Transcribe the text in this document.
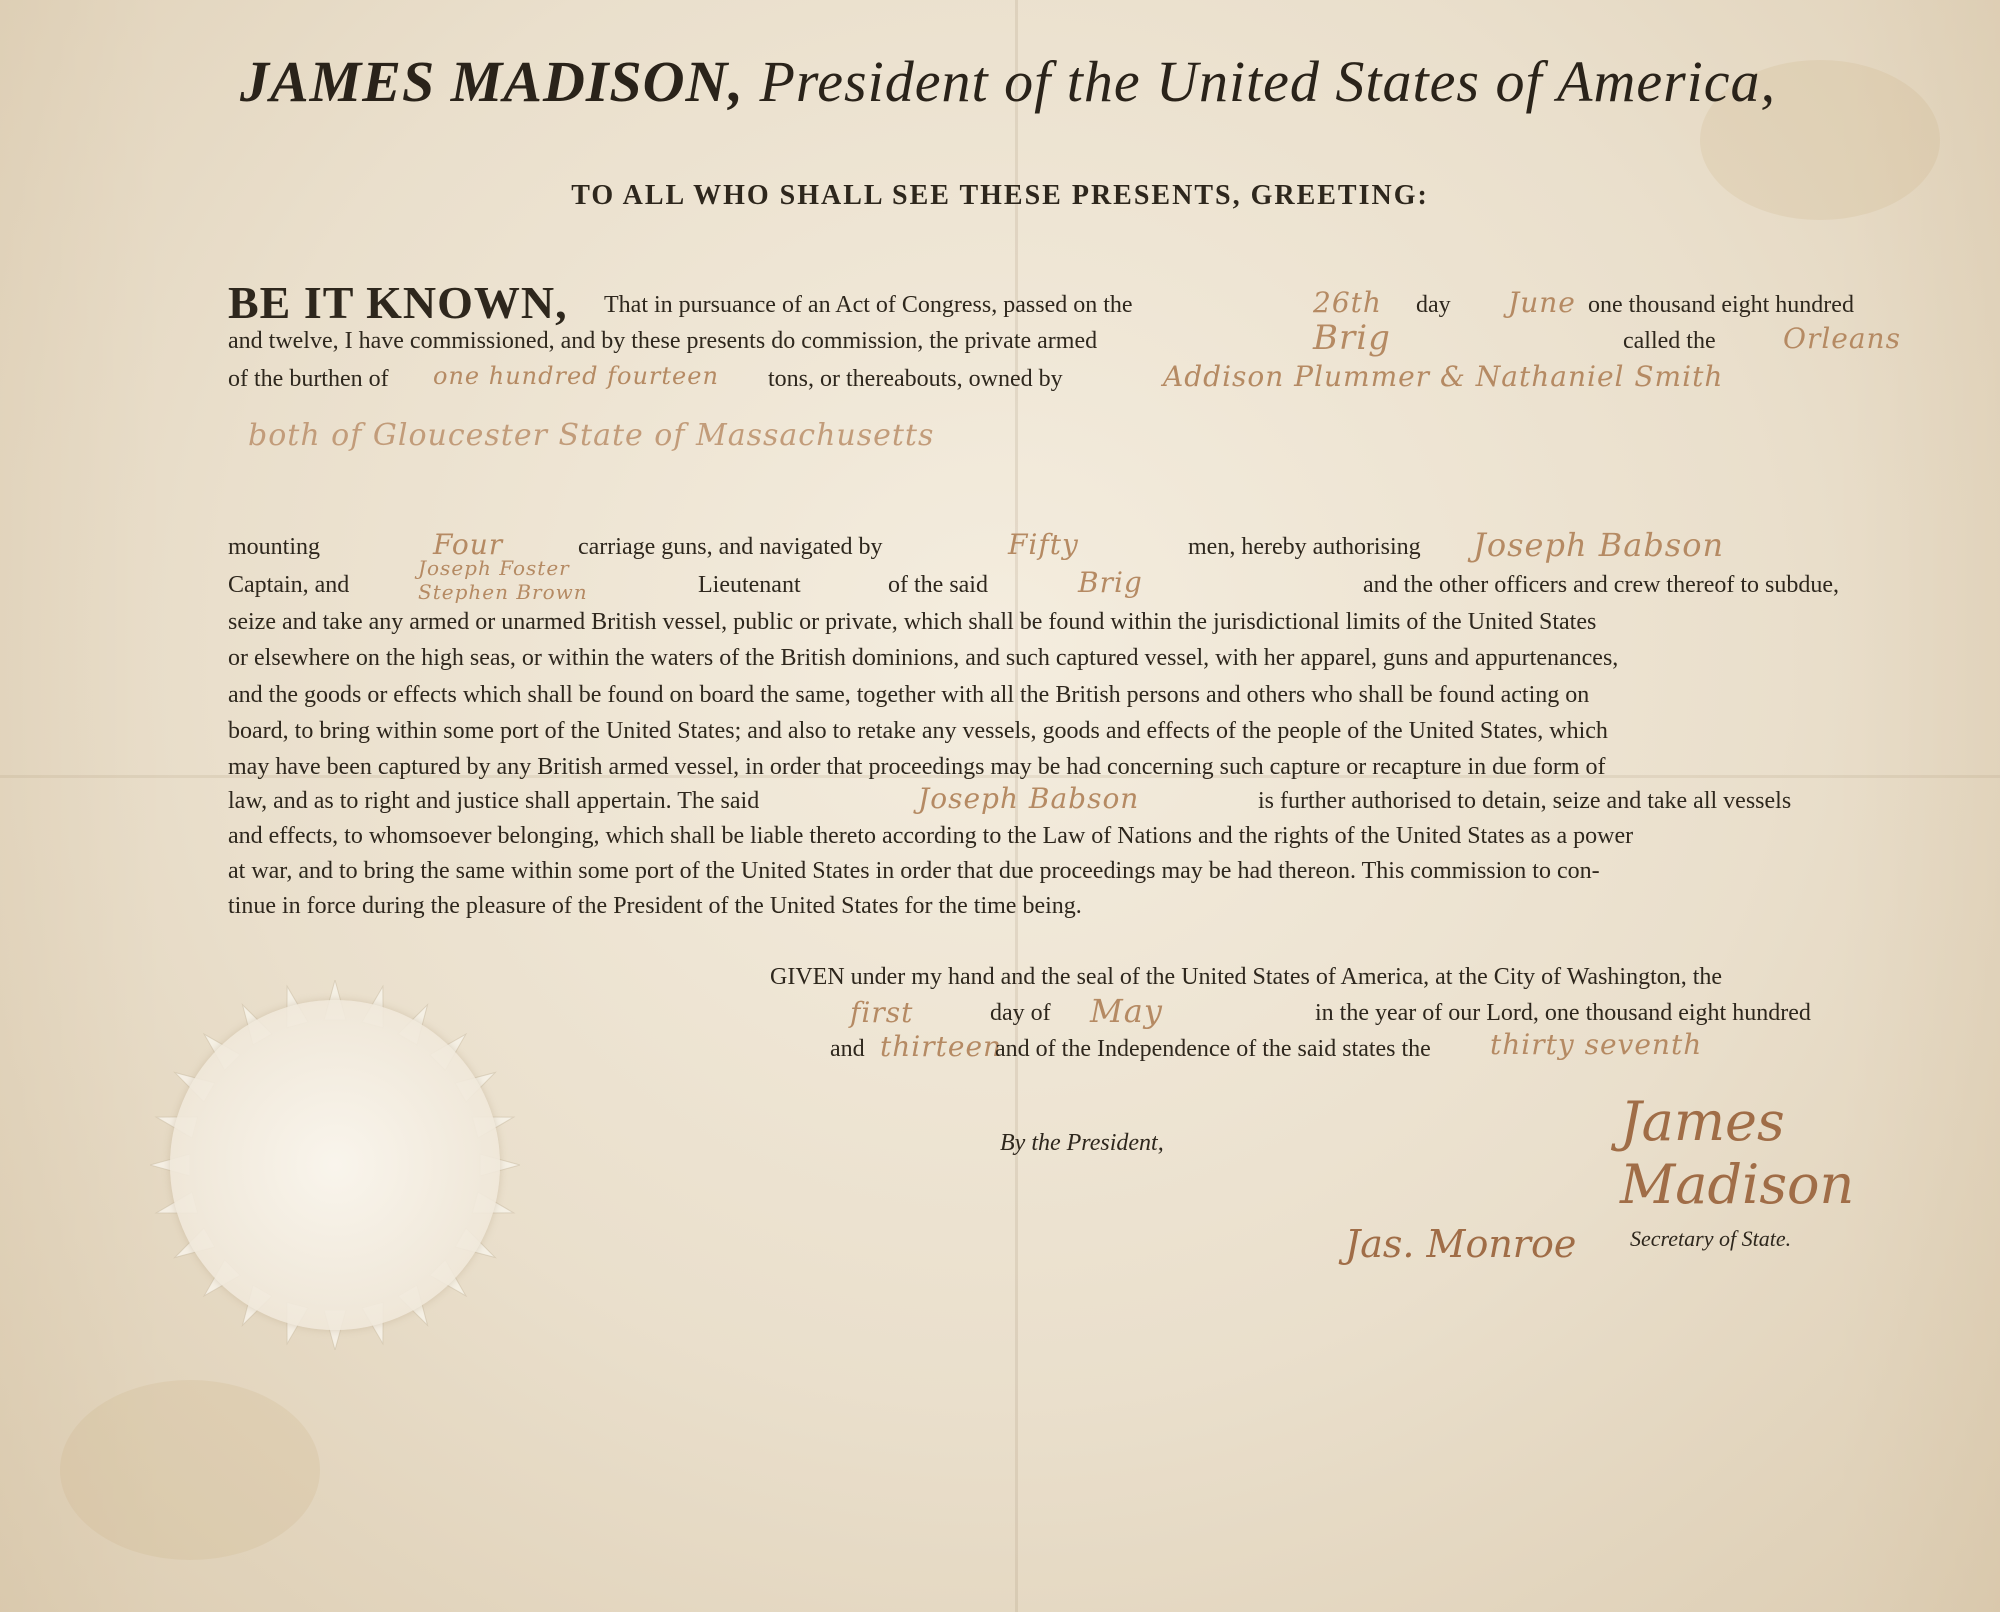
JAMES MADISON, President of the United States of America,
TO ALL WHO SHALL SEE THESE PRESENTS, GREETING:
BE IT KNOWN, That in pursuance of an Act of Congress, passed on the	26th day June one thousand eight hundred
and twelve, I have commissioned, and by these presents do commission, the private armed	Brig	called the Orleans
of the burthen of one hundred fourteen tons, or thereabouts, owned by	Addison Plummer & Nathaniel Smith
both of Gloucester State of Massachusetts
mounting	Four	carriage guns, and navigated by	Fifty	men, hereby authorising Joseph Babson
Captain, and
Joseph Foster
Stephen Brown	Lieutenant	of the said	Brig	and the other officers and crew thereof to subdue,
seize and take any armed or unarmed British vessel, public or private, which shall be found within the jurisdictional limits of the United States
or elsewhere on the high seas, or within the waters of the British dominions, and such captured vessel, with her apparel, guns and appurtenances,
and the goods or effects which shall be found on board the same, together with all the British persons and others who shall be found acting on
board, to bring within some port of the United States; and also to retake any vessels, goods and effects of the people of the United States, which
may have been captured by any British armed vessel, in order that proceedings may be had concerning such capture or recapture in due form of
law, and as to right and justice shall appertain. The said	Joseph Babson	is further authorised to detain, seize and take all vessels
and effects, to whomsoever belonging, which shall be liable thereto according to the Law of Nations and the rights of the United States as a power
at war, and to bring the same within some port of the United States in order that due proceedings may be had thereon. This commission to con-
tinue in force during the pleasure of the President of the United States for the time being.
GIVEN under my hand and the seal of the United States of America, at the City of Washington, the
first	day of May	in the year of our Lord, one thousand eight hundred
and thirteen
and of the Independence of the said states the thirty seventh
By the President,	James Madison
Jas. Monroe Secretary of State.
